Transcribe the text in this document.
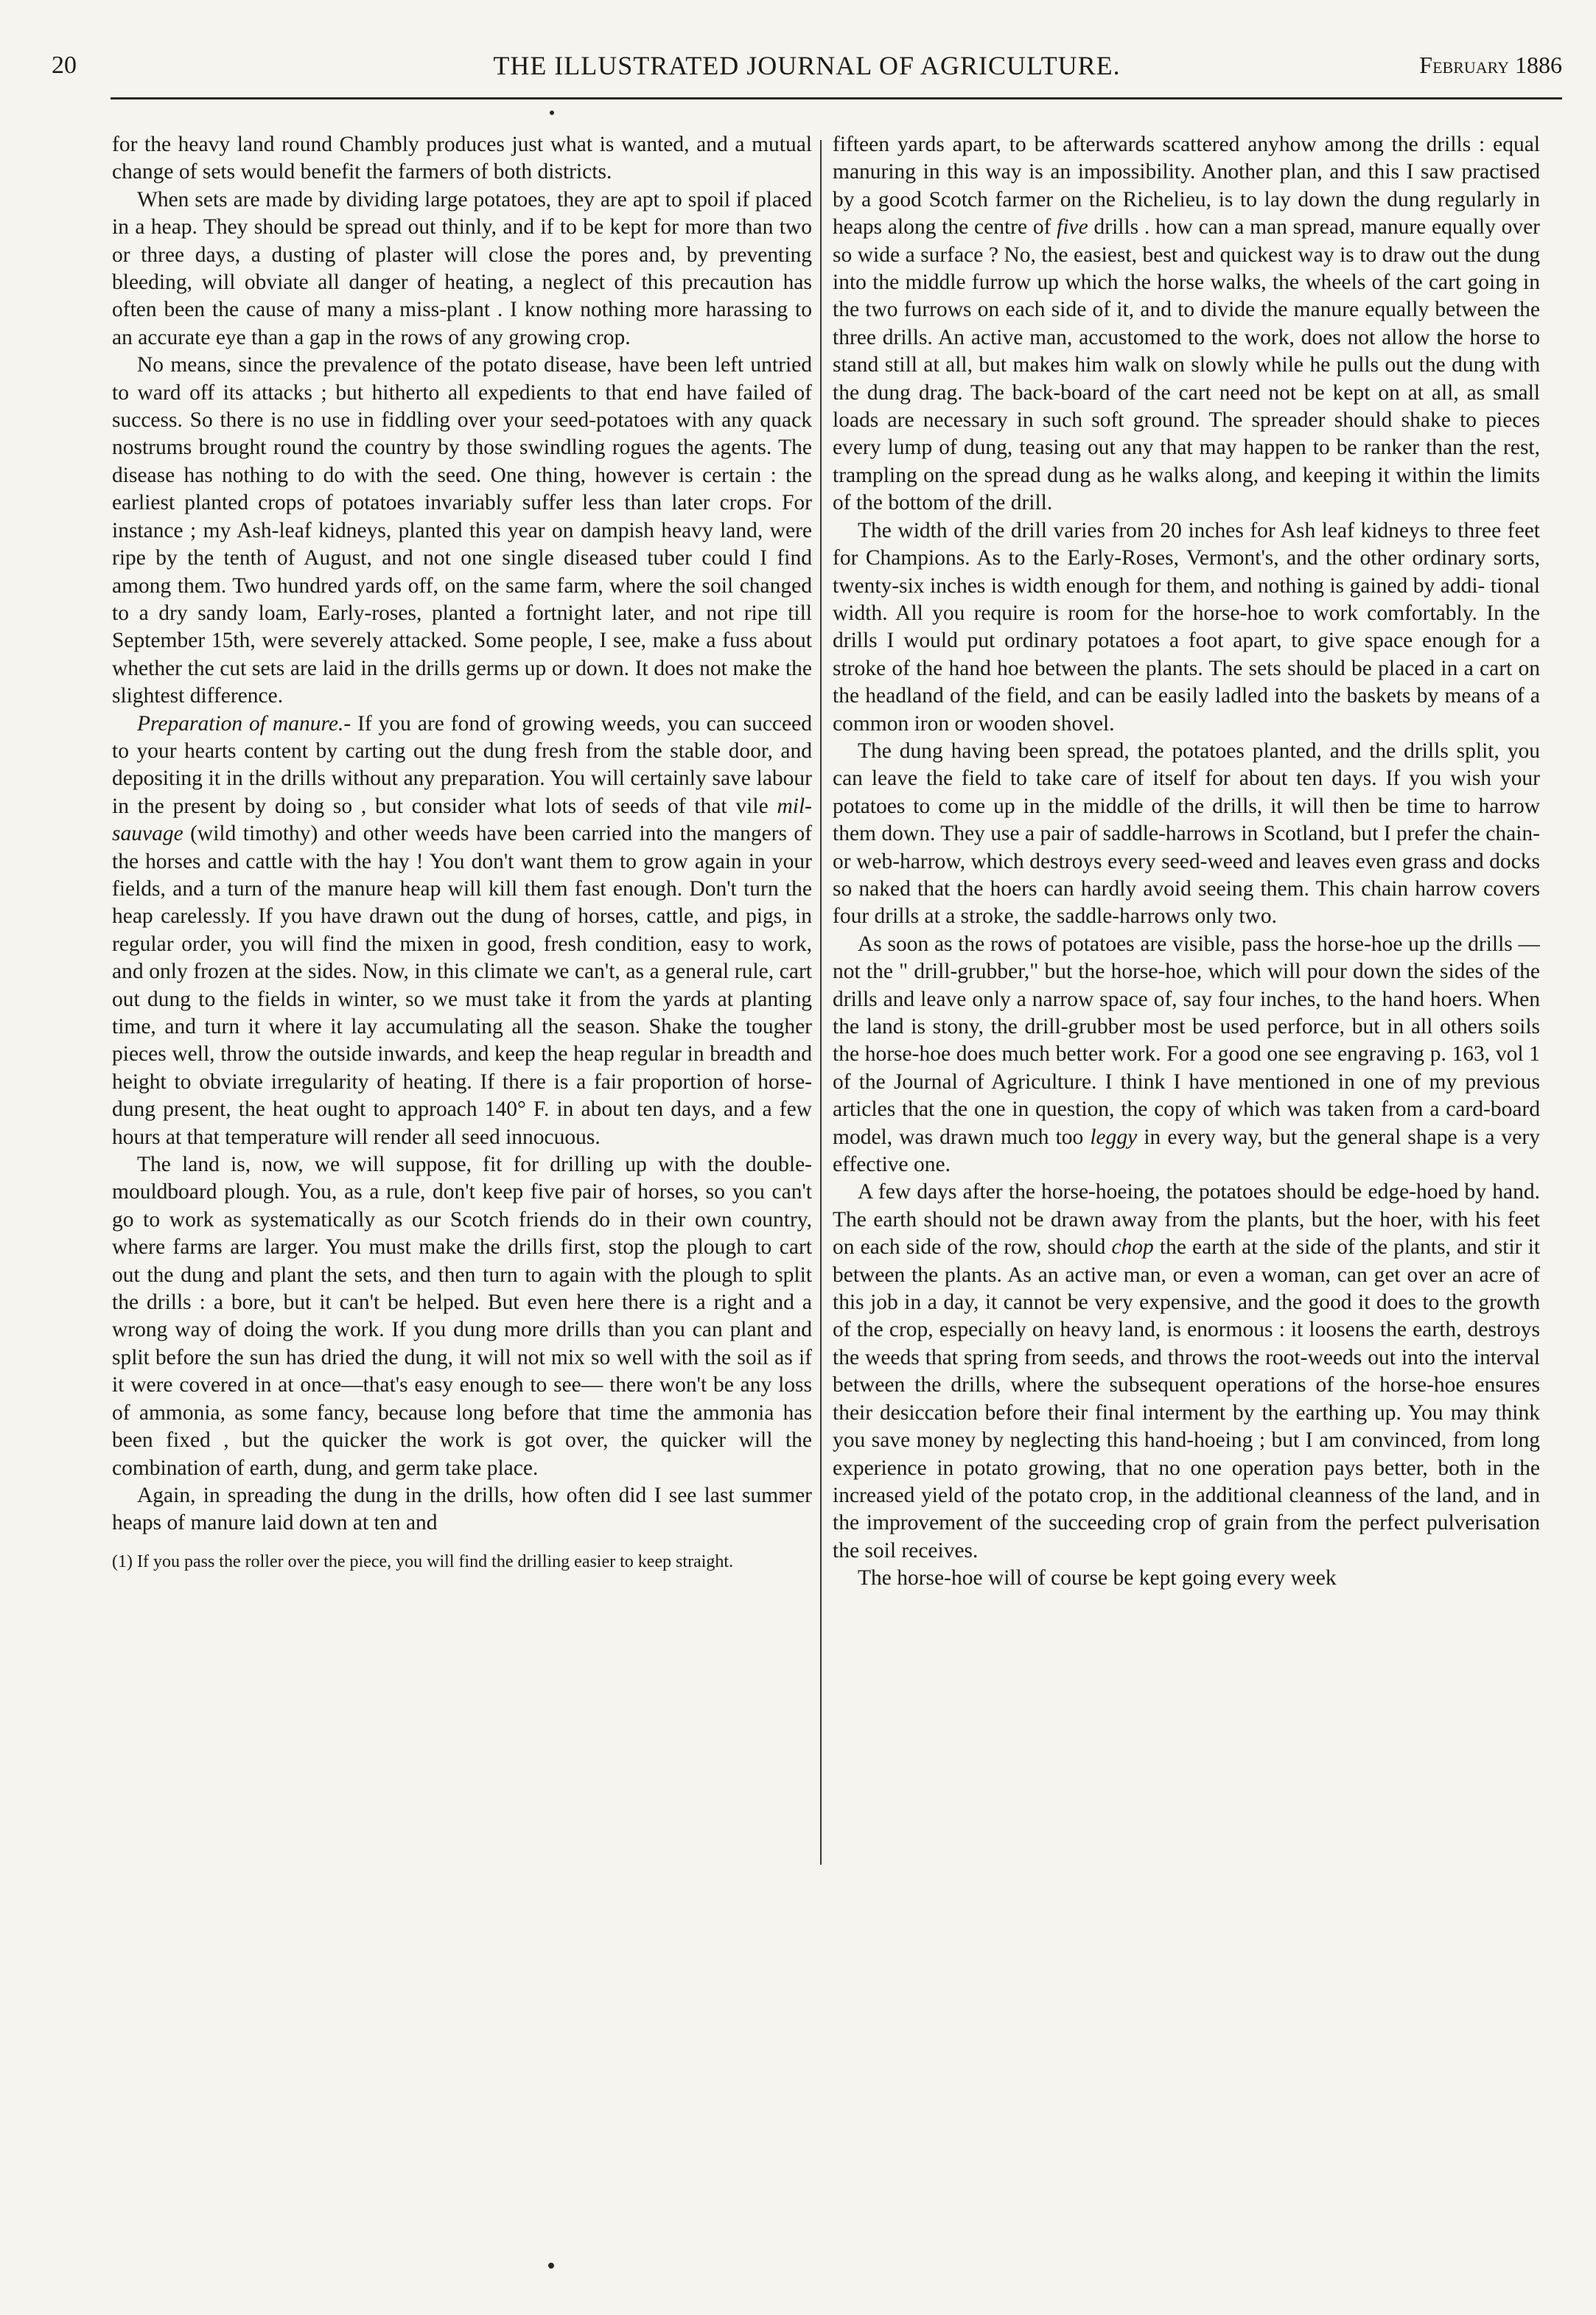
20	THE ILLUSTRATED JOURNAL OF AGRICULTURE.	February 1886

for the heavy land round Chambly produces just what is wanted, and a mutual change of sets would benefit the farmers of both districts.

When sets are made by dividing large potatoes, they are apt to spoil if placed in a heap. They should be spread out thinly, and if to be kept for more than two or three days, a dusting of plaster will close the pores and, by preventing bleeding, will obviate all danger of heating, a neglect of this precaution has often been the cause of many a miss-plant . I know nothing more harassing to an accurate eye than a gap in the rows of any growing crop.

No means, since the prevalence of the potato disease, have been left untried to ward off its attacks ; but hitherto all expedients to that end have failed of success. So there is no use in fiddling over your seed-potatoes with any quack nostrums brought round the country by those swindling rogues the agents. The disease has nothing to do with the seed. One thing, however is certain : the earliest planted crops of potatoes invariably suffer less than later crops. For instance ; my Ash-leaf kidneys, planted this year on dampish heavy land, were ripe by the tenth of August, and not one single diseased tuber could I find among them. Two hundred yards off, on the same farm, where the soil changed to a dry sandy loam, Early-roses, planted a fortnight later, and not ripe till September 15th, were severely attacked. Some people, I see, make a fuss about whether the cut sets are laid in the drills germs up or down. It does not make the slightest difference.

Preparation of manure.- If you are fond of growing weeds, you can succeed to your hearts content by carting out the dung fresh from the stable door, and depositing it in the drills without any preparation. You will certainly save labour in the present by doing so , but consider what lots of seeds of that vile mil-sauvage (wild timothy) and other weeds have been carried into the mangers of the horses and cattle with the hay ! You don't want them to grow again in your fields, and a turn of the manure heap will kill them fast enough. Don't turn the heap carelessly. If you have drawn out the dung of horses, cattle, and pigs, in regular order, you will find the mixen in good, fresh condition, easy to work, and only frozen at the sides. Now, in this climate we can't, as a general rule, cart out dung to the fields in winter, so we must take it from the yards at planting time, and turn it where it lay accumulating all the season. Shake the tougher pieces well, throw the outside inwards, and keep the heap regular in breadth and height to obviate irregularity of heating. If there is a fair proportion of horse-dung present, the heat ought to approach 140° F. in about ten days, and a few hours at that temperature will render all seed innocuous.

The land is, now, we will suppose, fit for drilling up with the double-mouldboard plough. You, as a rule, don't keep five pair of horses, so you can't go to work as systematically as our Scotch friends do in their own country, where farms are larger. You must make the drills first, stop the plough to cart out the dung and plant the sets, and then turn to again with the plough to split the drills : a bore, but it can't be helped. But even here there is a right and a wrong way of doing the work. If you dung more drills than you can plant and split before the sun has dried the dung, it will not mix so well with the soil as if it were covered in at once—that's easy enough to see— there won't be any loss of ammonia, as some fancy, because long before that time the ammonia has been fixed , but the quicker the work is got over, the quicker will the combination of earth, dung, and germ take place.

Again, in spreading the dung in the drills, how often did I see last summer heaps of manure laid down at ten and

(1) If you pass the roller over the piece, you will find the drilling easier to keep straight.

fifteen yards apart, to be afterwards scattered anyhow among the drills : equal manuring in this way is an impossibility. Another plan, and this I saw practised by a good Scotch farmer on the Richelieu, is to lay down the dung regularly in heaps along the centre of five drills . how can a man spread, manure equally over so wide a surface ? No, the easiest, best and quickest way is to draw out the dung into the middle furrow up which the horse walks, the wheels of the cart going in the two furrows on each side of it, and to divide the manure equally between the three drills. An active man, accustomed to the work, does not allow the horse to stand still at all, but makes him walk on slowly while he pulls out the dung with the dung drag. The back-board of the cart need not be kept on at all, as small loads are necessary in such soft ground. The spreader should shake to pieces every lump of dung, teasing out any that may happen to be ranker than the rest, trampling on the spread dung as he walks along, and keeping it within the limits of the bottom of the drill.

The width of the drill varies from 20 inches for Ash leaf kidneys to three feet for Champions. As to the Early-Roses, Vermont's, and the other ordinary sorts, twenty-six inches is width enough for them, and nothing is gained by addi- tional width. All you require is room for the horse-hoe to work comfortably. In the drills I would put ordinary potatoes a foot apart, to give space enough for a stroke of the hand hoe between the plants. The sets should be placed in a cart on the headland of the field, and can be easily ladled into the baskets by means of a common iron or wooden shovel.

The dung having been spread, the potatoes planted, and the drills split, you can leave the field to take care of itself for about ten days. If you wish your potatoes to come up in the middle of the drills, it will then be time to harrow them down. They use a pair of saddle-harrows in Scotland, but I prefer the chain-or web-harrow, which destroys every seed-weed and leaves even grass and docks so naked that the hoers can hardly avoid seeing them. This chain harrow covers four drills at a stroke, the saddle-harrows only two.

As soon as the rows of potatoes are visible, pass the horse-hoe up the drills —not the " drill-grubber," but the horse-hoe, which will pour down the sides of the drills and leave only a narrow space of, say four inches, to the hand hoers. When the land is stony, the drill-grubber most be used perforce, but in all others soils the horse-hoe does much better work. For a good one see engraving p. 163, vol 1 of the Journal of Agriculture. I think I have mentioned in one of my previous articles that the one in question, the copy of which was taken from a card-board model, was drawn much too leggy in every way, but the general shape is a very effective one.

A few days after the horse-hoeing, the potatoes should be edge-hoed by hand. The earth should not be drawn away from the plants, but the hoer, with his feet on each side of the row, should chop the earth at the side of the plants, and stir it between the plants. As an active man, or even a woman, can get over an acre of this job in a day, it cannot be very expensive, and the good it does to the growth of the crop, especially on heavy land, is enormous : it loosens the earth, destroys the weeds that spring from seeds, and throws the root-weeds out into the interval between the drills, where the subsequent operations of the horse-hoe ensures their desiccation before their final interment by the earthing up. You may think you save money by neglecting this hand-hoeing ; but I am convinced, from long experience in potato growing, that no one operation pays better, both in the increased yield of the potato crop, in the additional cleanness of the land, and in the improvement of the succeeding crop of grain from the perfect pulverisation the soil receives.

The horse-hoe will of course be kept going every week
